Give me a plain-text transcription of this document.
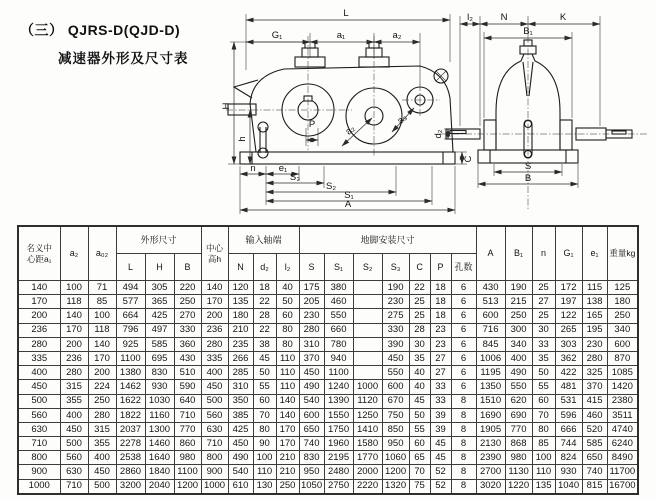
（三） QJRS-D(QJD-D)
减速器外形及尺寸表
L
G₁	a₁	a₂
H
h
P	a₂
a₃
C
n e₁
S₃
S₂
S₁
A
l₂	N	K
B₁
d₂
S
B
名义中
心距a₁	a₂	a₀₂	外形尺寸			中心
高h	输入轴端			地脚安装尺寸							A	B₁	n	G₁	e₁	重量kg
			L	H	B		N	d₂	l₂	S	S₁	S₂	S₃	C	P	孔数						
140	100	71	494	305	220	140	120	18	40	175	380		190	22	18	6	430	190	25	172	115	125
170	118	85	577	365	250	170	135	22	50	205	460		230	25	18	6	513	215	27	197	138	180
200	140	100	664	425	270	200	180	28	60	230	550		275	25	18	6	600	250	25	122	165	250
236	170	118	796	497	330	236	210	22	80	280	660		330	28	23	6	716	300	30	265	195	340
280	200	140	925	585	360	280	235	38	80	310	780		390	30	23	6	845	340	33	303	230	600
335	236	170	1100	695	430	335	266	45	110	370	940		450	35	27	6	1006	400	35	362	280	870
400	280	200	1380	830	510	400	285	50	110	450	1100		550	40	27	6	1195	490	50	422	325	1085
450	315	224	1462	930	590	450	310	55	110	490	1240	1000	600	40	33	6	1350	550	55	481	370	1420
500	355	250	1622	1030	640	500	350	60	140	540	1390	1120	670	45	33	8	1510	620	60	531	415	2380
560	400	280	1822	1160	710	560	385	70	140	600	1550	1250	750	50	39	8	1690	690	70	596	460	3511
630	450	315	2037	1300	770	630	425	80	170	650	1750	1410	850	55	39	8	1905	770	80	666	520	4740
710	500	355	2278	1460	860	710	450	90	170	740	1960	1580	950	60	45	8	2130	868	85	744	585	6240
800	560	400	2538	1640	980	800	490	100	210	830	2195	1770	1060	65	45	8	2390	980	100	824	650	8490
900	630	450	2860	1840	1100	900	540	110	210	950	2480	2000	1200	70	52	8	2700	1130	110	930	740	11700
1000	710	500	3200	2040	1200	1000	610	130	250	1050	2750	2220	1320	75	52	8	3020	1220	135	1040	815	16700
